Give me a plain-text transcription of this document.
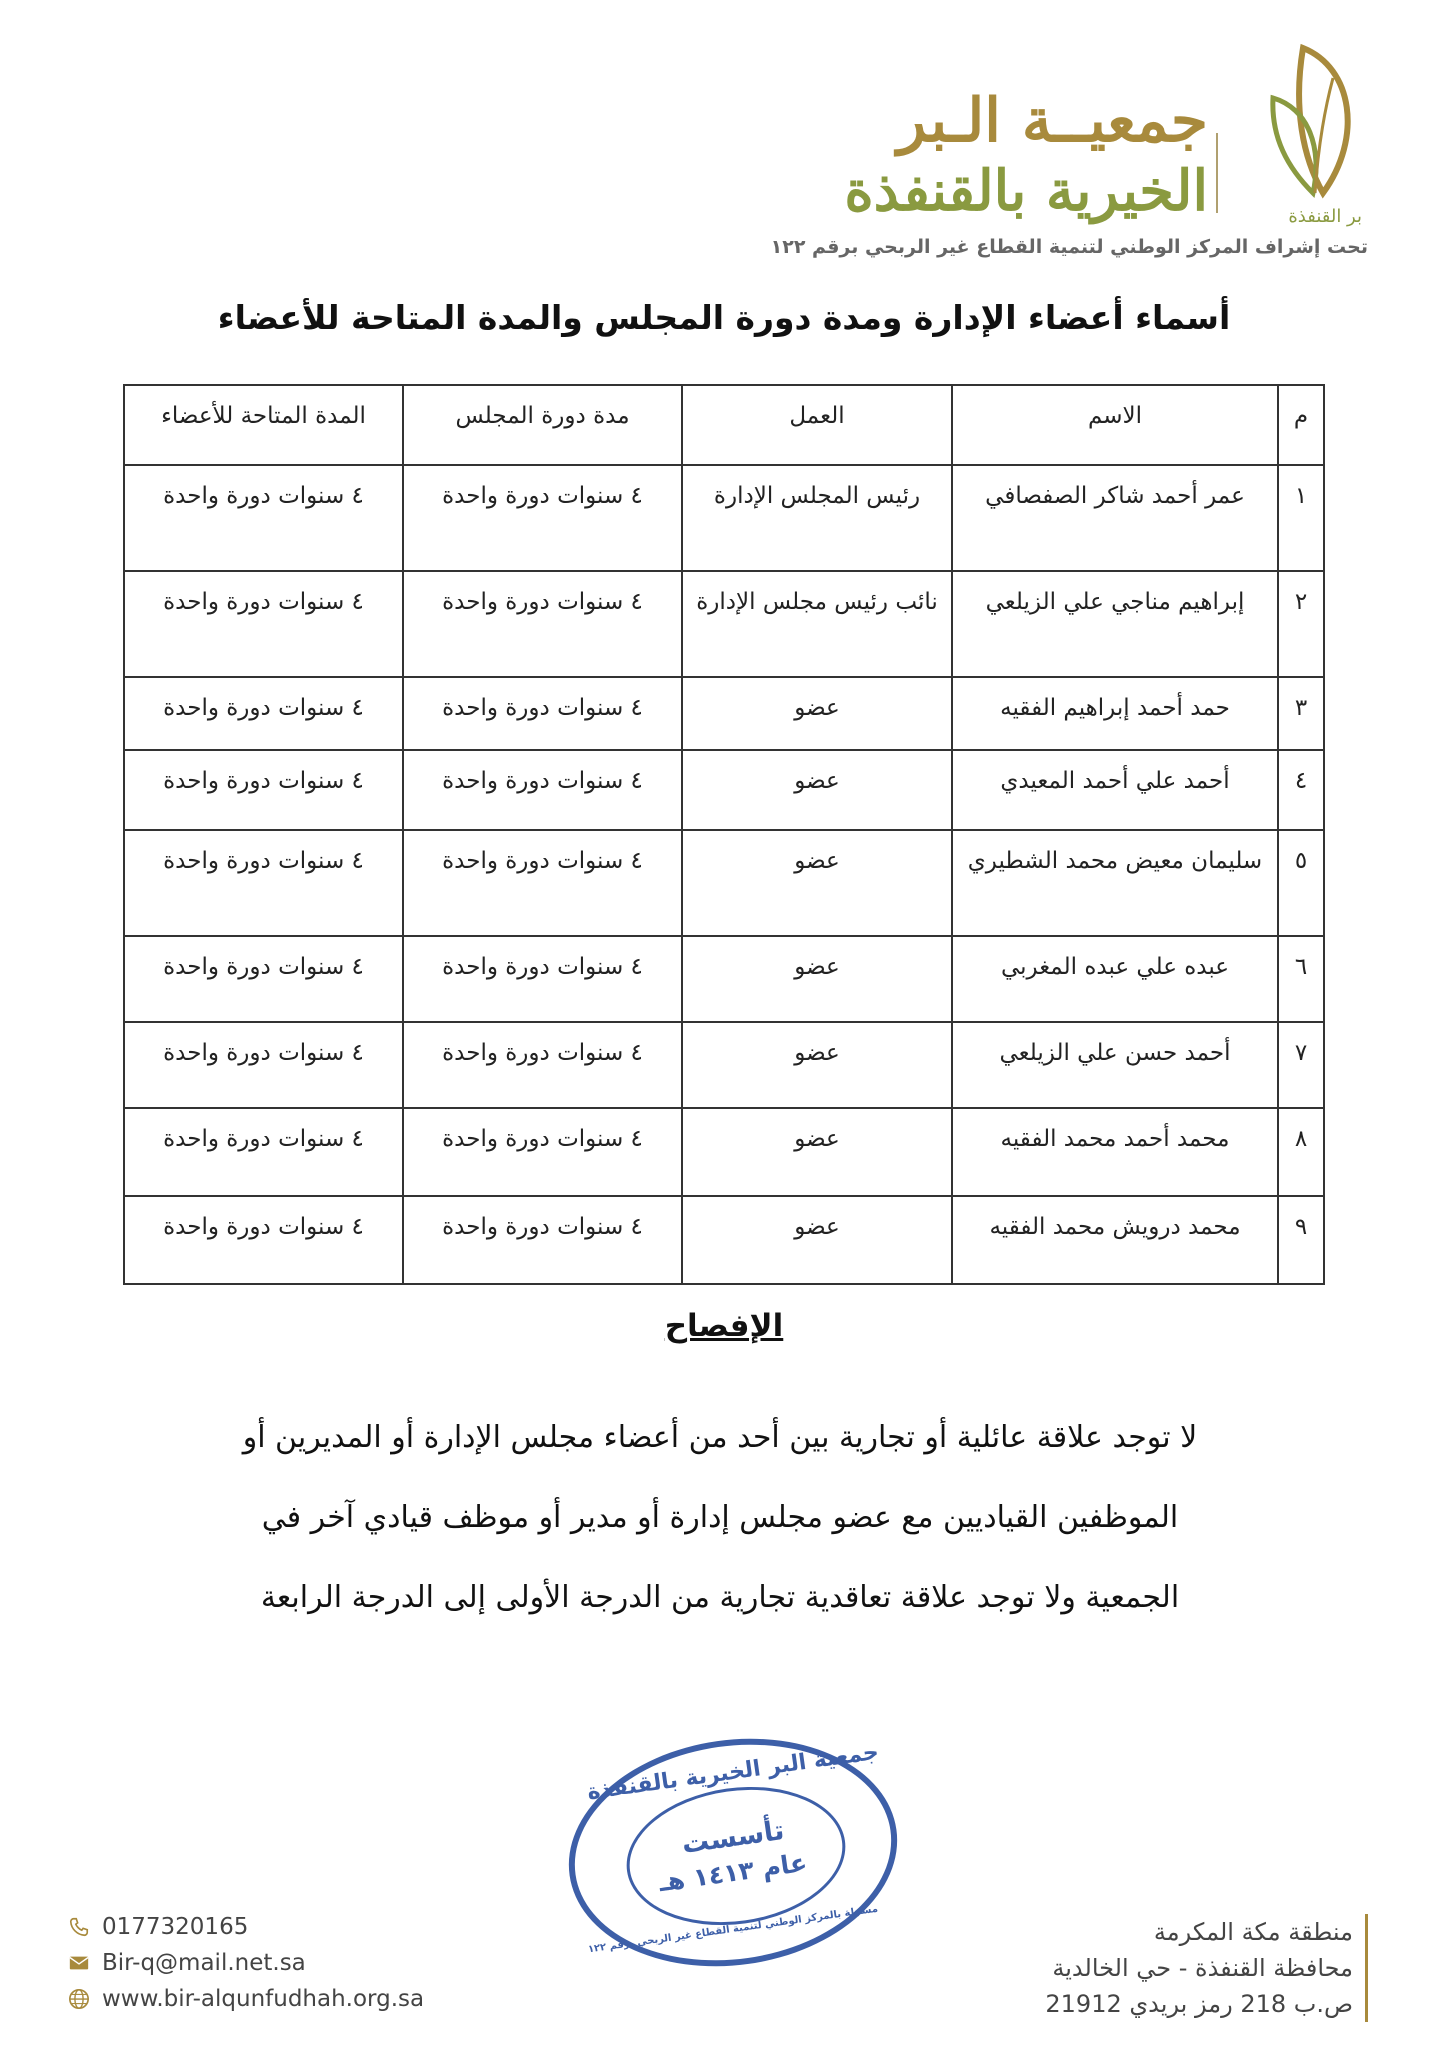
جمعيــة الـبر
الخيرية بالقنفذة	بر القنفذة
تحت إشراف المركز الوطني لتنمية القطاع غير الربحي برقم ١٢٢
أسماء أعضاء الإدارة ومدة دورة المجلس والمدة المتاحة للأعضاء
م	الاسم	العمل	مدة دورة المجلس	المدة المتاحة للأعضاء
١	عمر أحمد شاكر الصفصافي	رئيس المجلس الإدارة	٤ سنوات دورة واحدة	٤ سنوات دورة واحدة
٢	إبراهيم مناجي علي الزيلعي	نائب رئيس مجلس الإدارة	٤ سنوات دورة واحدة	٤ سنوات دورة واحدة
٣	حمد أحمد إبراهيم الفقيه	عضو	٤ سنوات دورة واحدة	٤ سنوات دورة واحدة
٤	أحمد علي أحمد المعيدي	عضو	٤ سنوات دورة واحدة	٤ سنوات دورة واحدة
٥	سليمان معيض محمد الشطيري	عضو	٤ سنوات دورة واحدة	٤ سنوات دورة واحدة
٦	عبده علي عبده المغربي	عضو	٤ سنوات دورة واحدة	٤ سنوات دورة واحدة
٧	أحمد حسن علي الزيلعي	عضو	٤ سنوات دورة واحدة	٤ سنوات دورة واحدة
٨	محمد أحمد محمد الفقيه	عضو	٤ سنوات دورة واحدة	٤ سنوات دورة واحدة
٩	محمد درويش محمد الفقيه	عضو	٤ سنوات دورة واحدة	٤ سنوات دورة واحدة
الإفصاح

لا توجد علاقة عائلية أو تجارية بين أحد من أعضاء مجلس الإدارة أو المديرين أو الموظفين القياديين مع عضو مجلس إدارة أو مدير أو موظف قيادي آخر في الجمعية ولا توجد علاقة تعاقدية تجارية من الدرجة الأولى إلى الدرجة الرابعة

جمعية البر الخيرية بالقنفذة
تأسست
عام ١٤١٣ هـ
مسجلة بالمركز الوطني لتنمية القطاع غير الربحي برقم ١٢٢
0177320165
Bir-q@mail.net.sa
www.bir-alqunfudhah.org.sa
منطقة مكة المكرمة
محافظة القنفذة - حي الخالدية
ص.ب 218 رمز بريدي 21912
